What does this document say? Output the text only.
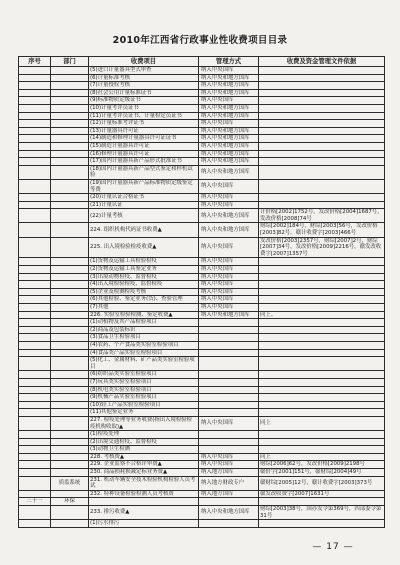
2010年江西省行政事业性收费项目目录
序号	部门	收费项目	管理方式	收费及资金管理文件依据
		(5)进口计量器具型式审查	纳入中央国库	
		(6)计量标准考核	纳入中央和地方国库	
		(7)计量授权考核	纳入中央和地方国库	
		(8)社会公用计量标准证书	纳入中央和地方国库	
		(9)标准物质定级证书	纳入中央国库	
		(10)计量考评员证书	纳入中央和地方国库	
		(11)计量考评员证书、计量检定员证书	纳入中央和地方国库	
		(12)计量标准考评证书	纳入中央国库	
		(13)计量器具许可证	纳入中央和地方国库	
		(14)制造和修理计量器具许可证证书	纳入中央和地方国库	
		(15)制造计量器具许可证	纳入中央和地方国库	
		(16)修理计量器具许可证	纳入中央和地方国库	
		(17)国内计量器具新产品形式批准证书	纳入中央和地方国库	
		(18)国内计量器具新产品型式鉴定和样机试验	纳入中央和地方国库	
		(19)国内计量器具新产品标准物质定级鉴定等费	纳入中央国库	
		(20)计量认证合格证书	纳入中央国库	
		(21)计量认证	纳入中央国库	
		(22)计量考核	纳入中央和地方国库	计价格[2002]1752号，发改价格[2004]1687号，发改价格[2008]74号
		224. 组织机构代码证书收费▲	纳入中央和地方国库	财综[2002]184号，财综[2003]56号，发改价格[2003]82号，赣计收费字[2003]466号
		225. 出入境检验检疫收费▲	纳入中央国库	发改价格[2003]2357号，财综[2007]2号，财综[2007]34号，发改价格[2009]2216号，赣发改收费字[2007]1357号
		(1)货物及运输工具检验检疫	纳入中央国库	
		(2)货物及运输工具鉴定业务	纳入中央国库	
		(3)出境动物检疫、监督检疫	纳入中央国库	
		(4)出入境检验检疫、监督检疫	纳入中央国库	
		(5)企业及检测检疫考核	纳入中央国库	
		(6)其他检验、鉴定业务(货)、查验管理	纳入中央国库	
		(7)其他	纳入中央国库	
		226. 实验室检验检测、鉴定收费▲	纳入中央和地方国库	同上。
		(1)动植物及其产品检验项目		
		(2)商品及包装标识		
		(3)食品卫生检验项目		
		(4)农药、个产食品类实验室检验项目		
		(4)食品类产品实验室检验项目		
		(5)化工、金属材料、矿产品类实验室检验项目		
		(6)纺织品类实验室检验项目		
		(7)玩具类实验室检验项目		
		(8)机电类实验室检验项目		
		(9)机械产品实验室检验项目		
		(10)轻工产品实验室检验项目		
		(11)其他鉴定业务		
		227. 检疫处理等业务收费(指出入境检验检疫机构收取)▲	纳入中央国库	同上
		(1)检疫处理		
		(2)出境交通检疫、监督检疫		
		(3)动物卫生检测		
		228. 考核费▲	纳入中央国库	同上
		229. 企业监察不合格评审费▲	纳入中央国库	财综[2006]62号，发改价格[2009]2198号
		230. 商品损耗损减定标业务费▲	纳入地方国库	赣价字[2001]151号，赣财综[2004]49号
	质监系统	231. 机动车辆安全技术检验机构检验人员考试	纳入地方财政专户	赣财综[2005]12号，赣计收费字[2003]373号
		232. 特种设备检验检测人员考核费	纳入地方国库	赣发改收费字[2007]1631号
三十一	环保			
		233. 排污收费▲	纳入中央和地方国库	财综[2003]38号，国办发令第369号，四部委令第31号
		(1)污水排污		
— 17 —
